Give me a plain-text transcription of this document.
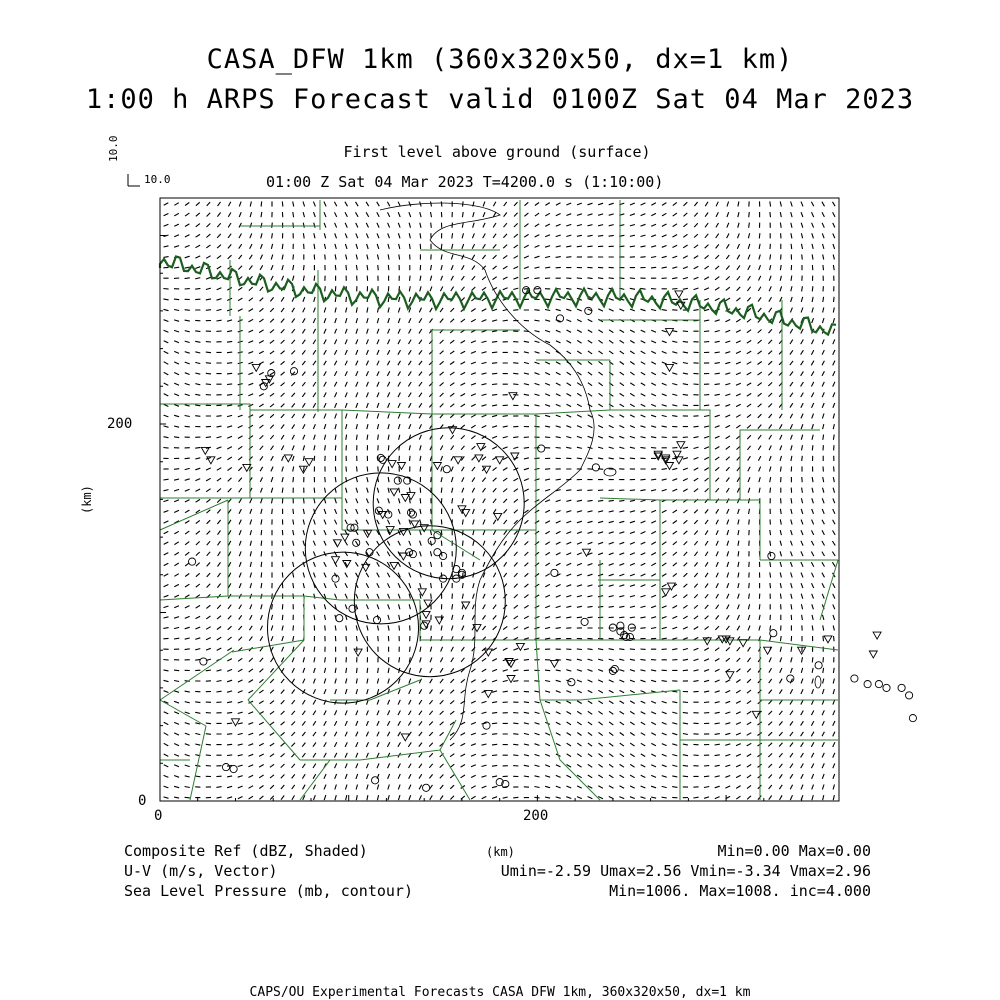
CASA_DFW 1km (360x320x50, dx=1 km)
1:00 h ARPS Forecast valid 0100Z Sat 04 Mar 2023
First level above ground (surface)
01:00 Z Sat 04 Mar 2023 T=4200.0 s (1:10:00)
10.0
10.0
200
0
0	200
(km)
(km)
Composite Ref (dBZ, Shaded)	Min=0.00 Max=0.00
U-V (m/s, Vector)	Umin=-2.59 Umax=2.56 Vmin=-3.34 Vmax=2.96
Sea Level Pressure (mb, contour)	Min=1006. Max=1008. inc=4.000
CAPS/OU Experimental Forecasts CASA DFW 1km, 360x320x50, dx=1 km
